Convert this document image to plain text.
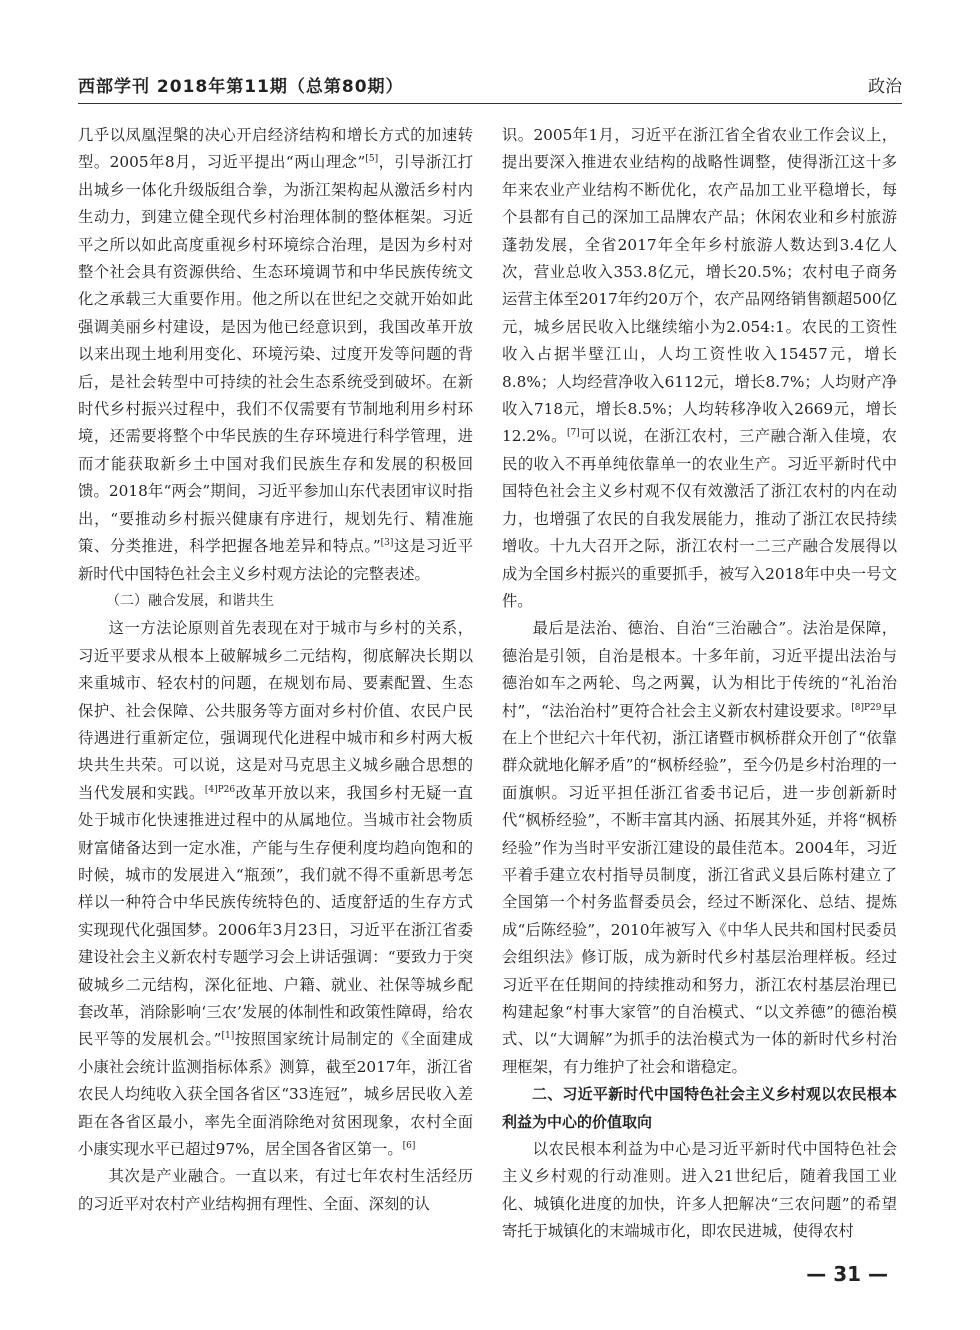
西部学刊 2018年第11期（总第80期）	政治

几乎以凤凰涅槃的决心开启经济结构和增长方式的加速转型。2005年8月，习近平提出“两山理念”[5]，引导浙江打出城乡一体化升级版组合拳，为浙江架构起从激活乡村内生动力，到建立健全现代乡村治理体制的整体框架。习近平之所以如此高度重视乡村环境综合治理，是因为乡村对整个社会具有资源供给、生态环境调节和中华民族传统文化之承载三大重要作用。他之所以在世纪之交就开始如此强调美丽乡村建设，是因为他已经意识到，我国改革开放以来出现土地利用变化、环境污染、过度开发等问题的背后，是社会转型中可持续的社会生态系统受到破坏。在新时代乡村振兴过程中，我们不仅需要有节制地利用乡村环境，还需要将整个中华民族的生存环境进行科学管理，进而才能获取新乡土中国对我们民族生存和发展的积极回馈。2018年“两会”期间，习近平参加山东代表团审议时指出，“要推动乡村振兴健康有序进行，规划先行、精准施策、分类推进，科学把握各地差异和特点。”[3]这是习近平新时代中国特色社会主义乡村观方法论的完整表述。

（二）融合发展，和谐共生

这一方法论原则首先表现在对于城市与乡村的关系，习近平要求从根本上破解城乡二元结构，彻底解决长期以来重城市、轻农村的问题，在规划布局、要素配置、生态保护、社会保障、公共服务等方面对乡村价值、农民户民待遇进行重新定位，强调现代化进程中城市和乡村两大板块共生共荣。可以说，这是对马克思主义城乡融合思想的当代发展和实践。$^{[4]P26}$改革开放以来，我国乡村无疑一直处于城市化快速推进过程中的从属地位。当城市社会物质财富储备达到一定水准，产能与生存便利度均趋向饱和的时候，城市的发展进入“瓶颈”，我们就不得不重新思考怎样以一种符合中华民族传统特色的、适度舒适的生存方式实现现代化强国梦。2006年3月23日，习近平在浙江省委建设社会主义新农村专题学习会上讲话强调：“要致力于突破城乡二元结构，深化征地、户籍、就业、社保等城乡配套改革，消除影响‘三农’发展的体制性和政策性障碍，给农民平等的发展机会。”[1]按照国家统计局制定的《全面建成小康社会统计监测指标体系》测算，截至2017年，浙江省农民人均纯收入获全国各省区“33连冠”，城乡居民收入差距在各省区最小，率先全面消除绝对贫困现象，农村全面小康实现水平已超过97%，居全国各省区第一。[6]

其次是产业融合。一直以来，有过七年农村生活经历的习近平对农村产业结构拥有理性、全面、深刻的认

识。2005年1月，习近平在浙江省全省农业工作会议上，提出要深入推进农业结构的战略性调整，使得浙江这十多年来农业产业结构不断优化，农产品加工业平稳增长，每个县都有自己的深加工品牌农产品；休闲农业和乡村旅游蓬勃发展，全省2017年全年乡村旅游人数达到3.4亿人次，营业总收入353.8亿元，增长20.5%；农村电子商务运营主体至2017年约20万个，农产品网络销售额超500亿元，城乡居民收入比继续缩小为2.054:1。农民的工资性收入占据半壁江山，人均工资性收入15457元，增长8.8%；人均经营净收入6112元，增长8.7%；人均财产净收入718元，增长8.5%；人均转移净收入2669元，增长12.2%。[7]可以说，在浙江农村，三产融合渐入佳境，农民的收入不再单纯依靠单一的农业生产。习近平新时代中国特色社会主义乡村观不仅有效激活了浙江农村的内在动力，也增强了农民的自我发展能力，推动了浙江农民持续增收。十九大召开之际，浙江农村一二三产融合发展得以成为全国乡村振兴的重要抓手，被写入2018年中央一号文件。

最后是法治、德治、自治“三治融合”。法治是保障，德治是引领，自治是根本。十多年前，习近平提出法治与德治如车之两轮、鸟之两翼，认为相比于传统的“礼治治村”，“法治治村”更符合社会主义新农村建设要求。$^{[8]P29}$早在上个世纪六十年代初，浙江诸暨市枫桥群众开创了“依靠群众就地化解矛盾”的“枫桥经验”，至今仍是乡村治理的一面旗帜。习近平担任浙江省委书记后，进一步创新新时代“枫桥经验”，不断丰富其内涵、拓展其外延，并将“枫桥经验”作为当时平安浙江建设的最佳范本。2004年，习近平着手建立农村指导员制度，浙江省武义县后陈村建立了全国第一个村务监督委员会，经过不断深化、总结、提炼成“后陈经验”，2010年被写入《中华人民共和国村民委员会组织法》修订版，成为新时代乡村基层治理样板。经过习近平在任期间的持续推动和努力，浙江农村基层治理已构建起象“村事大家管”的自治模式、“以文养德”的德治模式、以“大调解”为抓手的法治模式为一体的新时代乡村治理框架，有力维护了社会和谐稳定。

二、习近平新时代中国特色社会主义乡村观以农民根本利益为中心的价值取向

以农民根本利益为中心是习近平新时代中国特色社会主义乡村观的行动准则。进入21世纪后，随着我国工业化、城镇化进度的加快，许多人把解决“三农问题”的希望寄托于城镇化的末端城市化，即农民进城，使得农村

— 31 —
